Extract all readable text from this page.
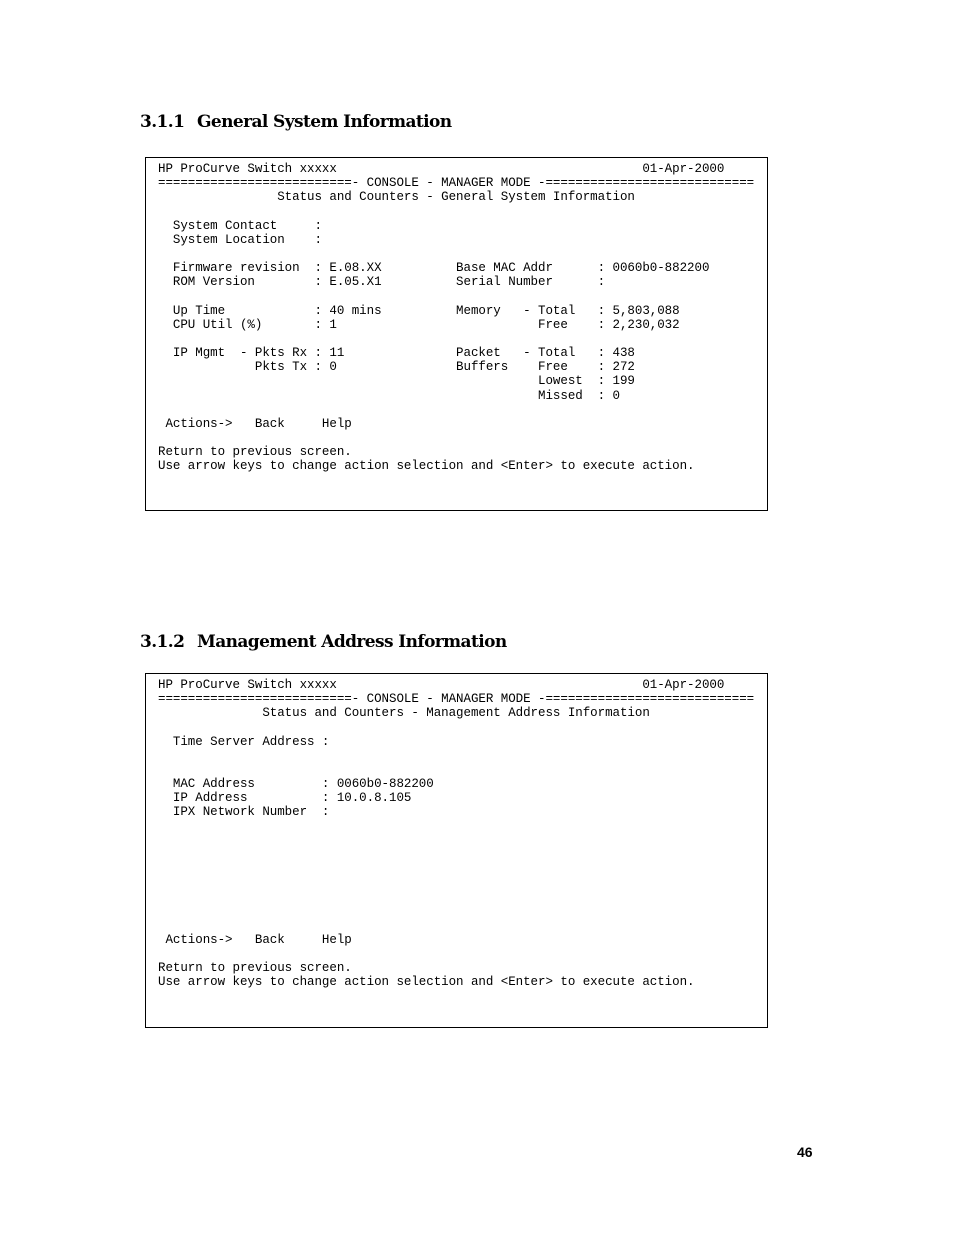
3.1.1 General System Information
HP ProCurve Switch xxxxx                                         01-Apr-2000
==========================- CONSOLE - MANAGER MODE -============================
Status and Counters - General System Information

System Contact     :
System Location    :

Firmware revision  : E.08.XX          Base MAC Addr      : 0060b0-882200
ROM Version        : E.05.X1          Serial Number      :

Up Time            : 40 mins          Memory   - Total   : 5,803,088
CPU Util (%)       : 1                           Free    : 2,230,032

IP Mgmt  - Pkts Rx : 11               Packet   - Total   : 438
Pkts Tx : 0                Buffers    Free    : 272
Lowest  : 199
Missed  : 0

Actions->   Back     Help

Return to previous screen.
Use arrow keys to change action selection and <Enter> to execute action.
3.1.2 Management Address Information
HP ProCurve Switch xxxxx                                         01-Apr-2000
==========================- CONSOLE - MANAGER MODE -============================
Status and Counters - Management Address Information

Time Server Address :

MAC Address         : 0060b0-882200
IP Address          : 10.0.8.105
IPX Network Number  :

Actions->   Back     Help

Return to previous screen.
Use arrow keys to change action selection and <Enter> to execute action.
46
